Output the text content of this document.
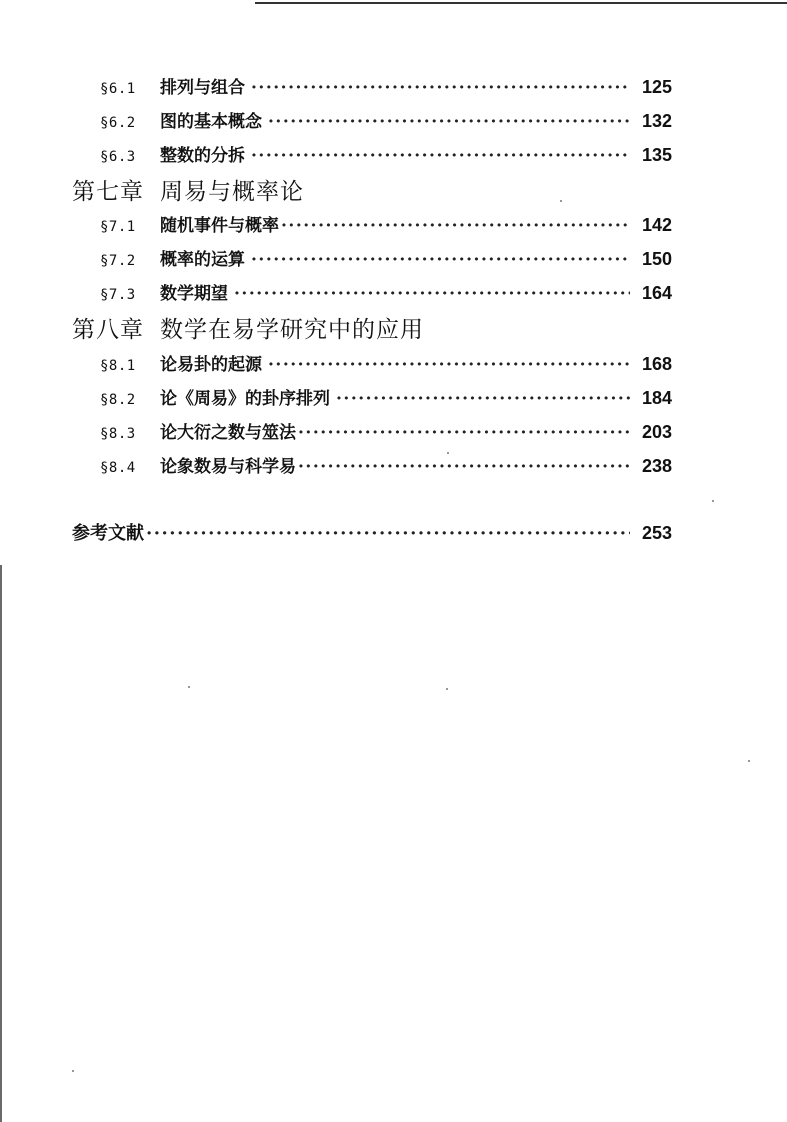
§6.1	排列与组合 ·····	125
§6.2	图的基本概念 ·····	132
§6.3	整数的分拆 ·····	135
第七章 周易与概率论
§7.1	随机事件与概率 ·····	142
§7.2	概率的运算 ·····	150
§7.3	数学期望 ·····	164
第八章 数学在易学研究中的应用
§8.1	论易卦的起源 ·····	168
§8.2	论《周易》的卦序排列 ·····	184
§8.3	论大衍之数与筮法 ·····	203
§8.4	论象数易与科学易 ·····	238
参考文献 ·····	253
